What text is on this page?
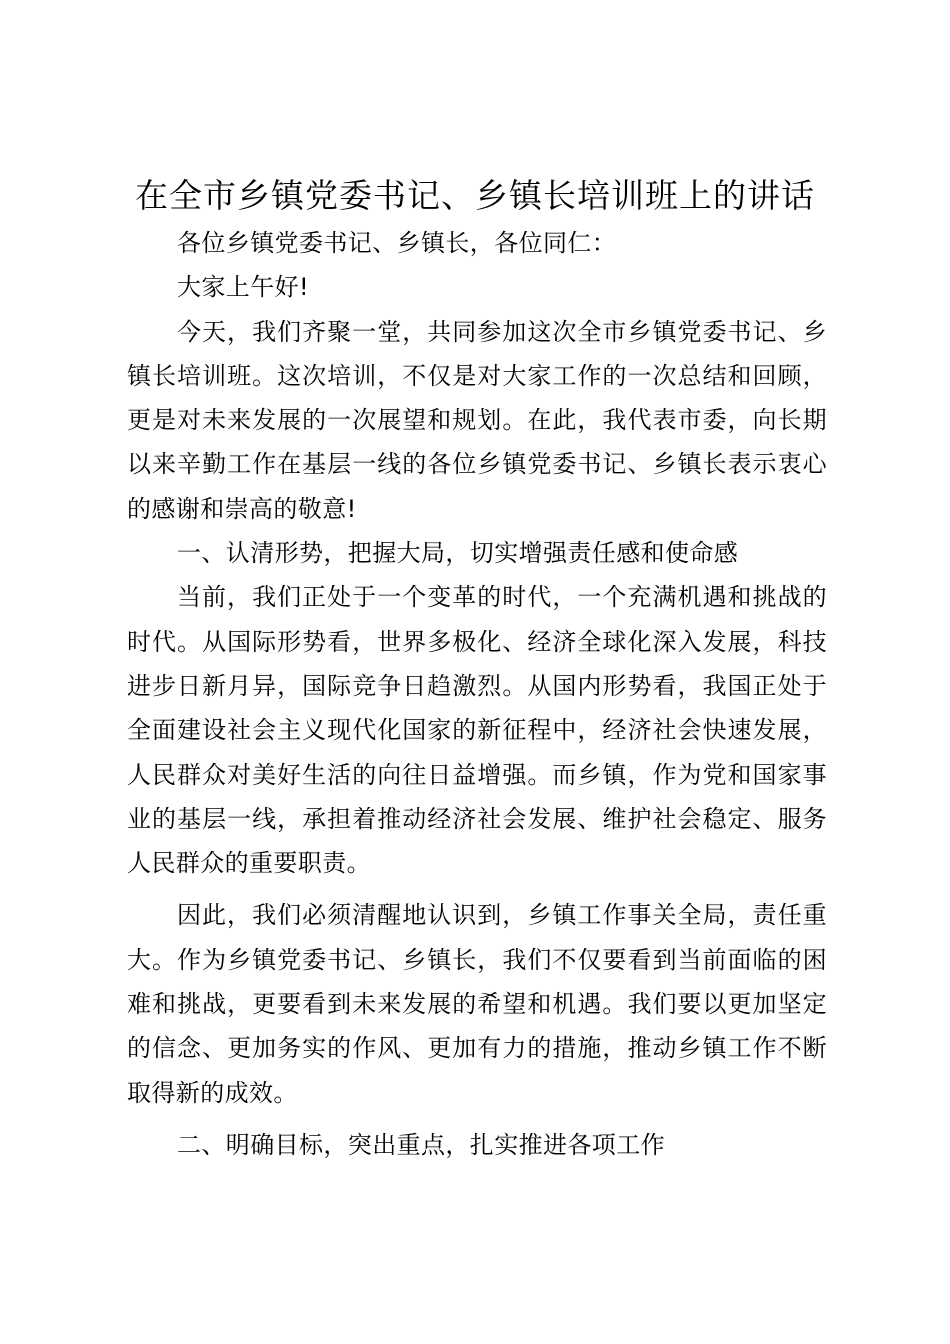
在全市乡镇党委书记、乡镇长培训班上的讲话

各位乡镇党委书记、乡镇长，各位同仁：

大家上午好!

今天，我们齐聚一堂，共同参加这次全市乡镇党委书记、乡镇长培训班。这次培训，不仅是对大家工作的一次总结和回顾，更是对未来发展的一次展望和规划。在此，我代表市委，向长期以来辛勤工作在基层一线的各位乡镇党委书记、乡镇长表示衷心的感谢和崇高的敬意!

一、认清形势，把握大局，切实增强责任感和使命感

当前，我们正处于一个变革的时代，一个充满机遇和挑战的时代。从国际形势看，世界多极化、经济全球化深入发展，科技进步日新月异，国际竞争日趋激烈。从国内形势看，我国正处于全面建设社会主义现代化国家的新征程中，经济社会快速发展，人民群众对美好生活的向往日益增强。而乡镇，作为党和国家事业的基层一线，承担着推动经济社会发展、维护社会稳定、服务人民群众的重要职责。

因此，我们必须清醒地认识到，乡镇工作事关全局，责任重大。作为乡镇党委书记、乡镇长，我们不仅要看到当前面临的困难和挑战，更要看到未来发展的希望和机遇。我们要以更加坚定的信念、更加务实的作风、更加有力的措施，推动乡镇工作不断取得新的成效。

二、明确目标，突出重点，扎实推进各项工作
